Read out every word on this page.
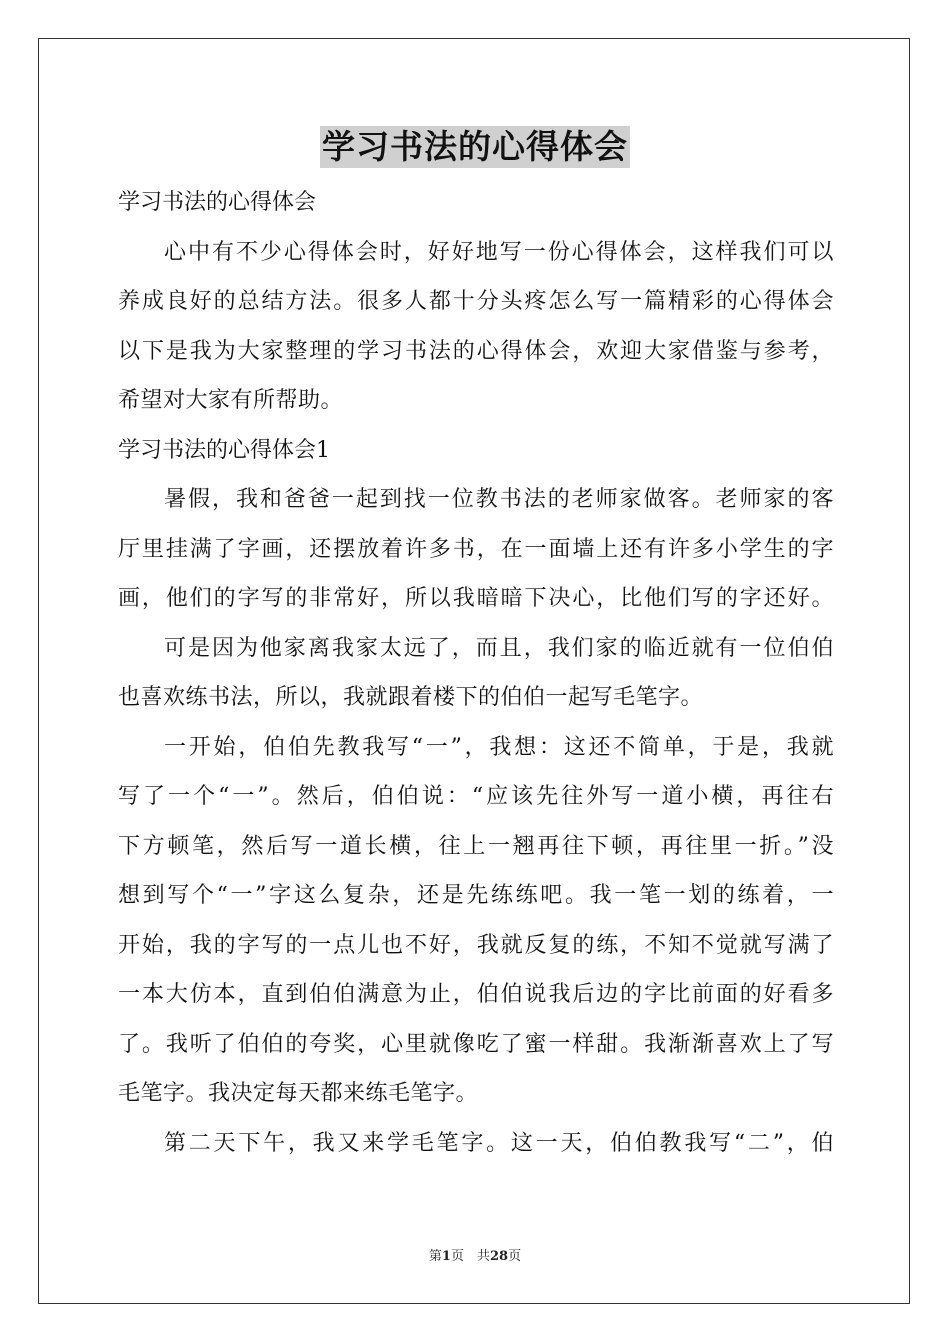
学习书法的心得体会
学习书法的心得体会
心中有不少心得体会时，好好地写一份心得体会，这样我们可以
养成良好的总结方法。很多人都十分头疼怎么写一篇精彩的心得体会
以下是我为大家整理的学习书法的心得体会，欢迎大家借鉴与参考，
希望对大家有所帮助。
学习书法的心得体会1
暑假，我和爸爸一起到找一位教书法的老师家做客。老师家的客
厅里挂满了字画，还摆放着许多书，在一面墙上还有许多小学生的字
画，他们的字写的非常好，所以我暗暗下决心，比他们写的字还好。
可是因为他家离我家太远了，而且，我们家的临近就有一位伯伯
也喜欢练书法，所以，我就跟着楼下的伯伯一起写毛笔字。
一开始，伯伯先教我写“一”，我想：这还不简单，于是，我就
写了一个“一”。然后，伯伯说：“应该先往外写一道小横，再往右
下方顿笔，然后写一道长横，往上一翘再往下顿，再往里一折。”没
想到写个“一”字这么复杂，还是先练练吧。我一笔一划的练着，一
开始，我的字写的一点儿也不好，我就反复的练，不知不觉就写满了
一本大仿本，直到伯伯满意为止，伯伯说我后边的字比前面的好看多
了。我听了伯伯的夸奖，心里就像吃了蜜一样甜。我渐渐喜欢上了写
毛笔字。我决定每天都来练毛笔字。
第二天下午，我又来学毛笔字。这一天，伯伯教我写“二”，伯
第1页　共28页
